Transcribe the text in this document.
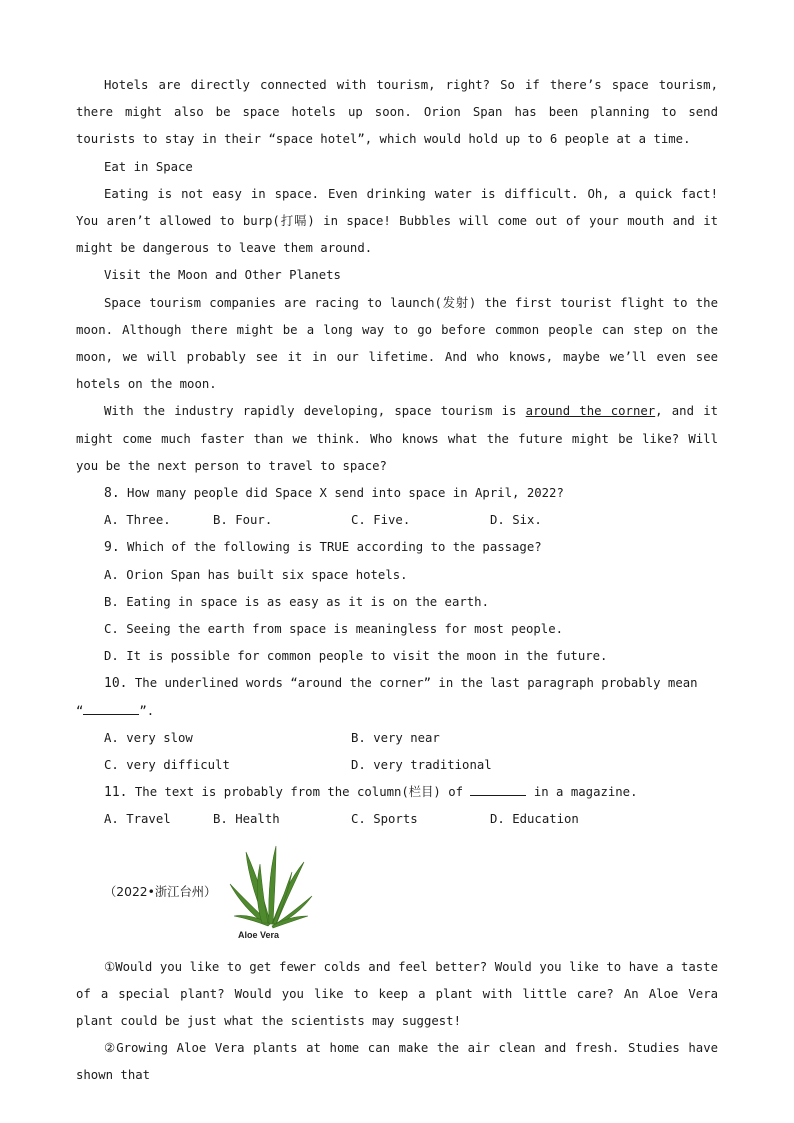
Hotels are directly connected with tourism, right? So if there’s space tourism, there might also be space hotels up soon. Orion Span has been planning to send tourists to stay in their “space hotel”, which would hold up to 6 people at a time.

Eat in Space

Eating is not easy in space. Even drinking water is difficult. Oh, a quick fact! You aren’t allowed to burp(打嗝) in space! Bubbles will come out of your mouth and it might be dangerous to leave them around.

Visit the Moon and Other Planets

Space tourism companies are racing to launch(发射) the first tourist flight to the moon. Although there might be a long way to go before common people can step on the moon, we will probably see it in our lifetime. And who knows, maybe we’ll even see hotels on the moon.

With the industry rapidly developing, space tourism is around the corner, and it might come much faster than we think. Who knows what the future might be like? Will you be the next person to travel to space?

8. How many people did Space X send into space in April, 2022?

A. Three.	B. Four.	C. Five.	D. Six.

9. Which of the following is TRUE according to the passage?

A. Orion Span has built six space hotels.

B. Eating in space is as easy as it is on the earth.

C. Seeing the earth from space is meaningless for most people.

D. It is possible for common people to visit the moon in the future.

10. The underlined words “around the corner” in the last paragraph probably mean

“	”.

A. very slow	B. very near
C. very difficult	D. very traditional

11. The text is probably from the column(栏目) of	in a magazine.

A. Travel	B. Health	C. Sports	D. Education
（2022•浙江台州）
Aloe Vera

①Would you like to get fewer colds and feel better? Would you like to have a taste of a special plant? Would you like to keep a plant with little care? An Aloe Vera plant could be just what the scientists may suggest!

②Growing Aloe Vera plants at home can make the air clean and fresh. Studies have shown that
